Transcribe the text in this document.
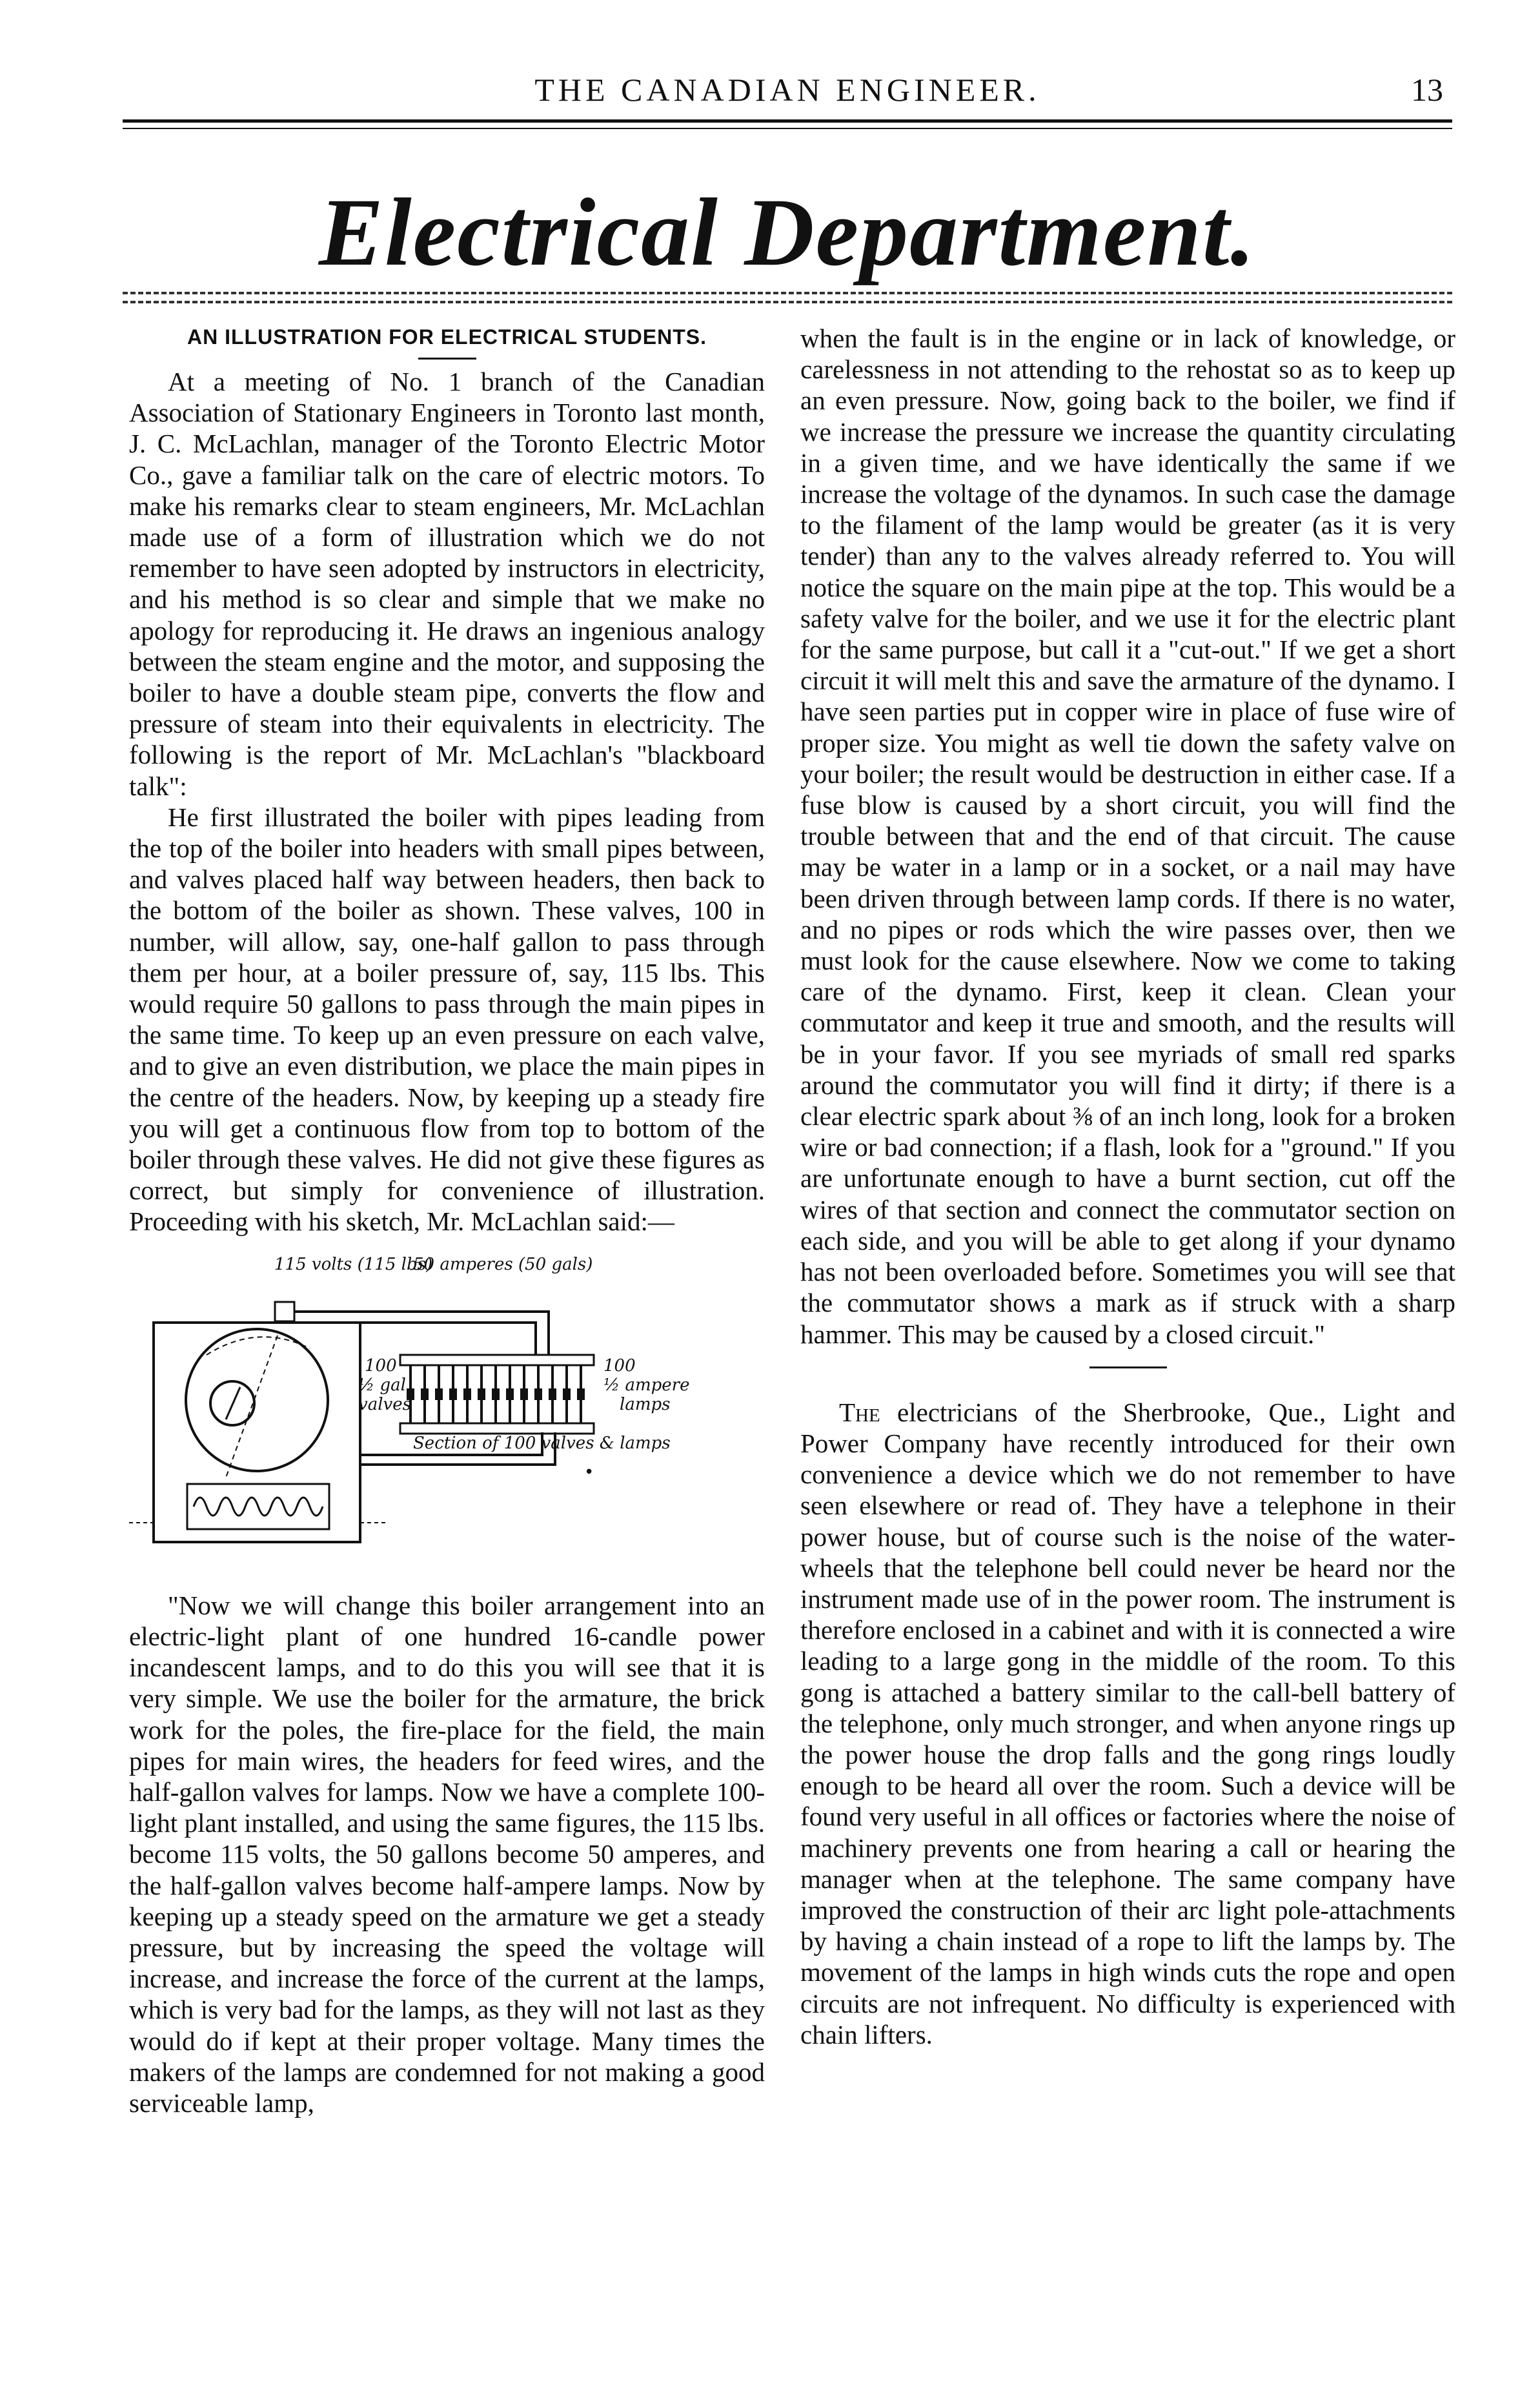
THE CANADIAN ENGINEER.	13
Electrical Department.
AN ILLUSTRATION FOR ELECTRICAL STUDENTS.

At a meeting of No. 1 branch of the Canadian Association of Stationary Engineers in Toronto last month, J. C. McLachlan, manager of the Toronto Electric Motor Co., gave a familiar talk on the care of electric motors. To make his remarks clear to steam engineers, Mr. McLachlan made use of a form of illustration which we do not remember to have seen adopted by instructors in electricity, and his method is so clear and simple that we make no apology for reproducing it. He draws an ingenious analogy between the steam engine and the motor, and supposing the boiler to have a double steam pipe, converts the flow and pressure of steam into their equivalents in electricity. The following is the report of Mr. McLachlan's "blackboard talk":

He first illustrated the boiler with pipes leading from the top of the boiler into headers with small pipes between, and valves placed half way between headers, then back to the bottom of the boiler as shown. These valves, 100 in number, will allow, say, one-half gallon to pass through them per hour, at a boiler pressure of, say, 115 lbs. This would require 50 gallons to pass through the main pipes in the same time. To keep up an even pressure on each valve, and to give an even distribution, we place the main pipes in the centre of the headers. Now, by keeping up a steady fire you will get a continuous flow from top to bottom of the boiler through these valves. He did not give these figures as correct, but simply for convenience of illustration. Proceeding with his sketch, Mr. McLachlan said:—

115 volts (115 lbs)
50 amperes (50 gals)
100
½ gal.
valves
100
½ ampere
lamps
Section of 100 valves & lamps
•

"Now we will change this boiler arrangement into an electric-light plant of one hundred 16-candle power incandescent lamps, and to do this you will see that it is very simple. We use the boiler for the armature, the brick work for the poles, the fire-place for the field, the main pipes for main wires, the headers for feed wires, and the half-gallon valves for lamps. Now we have a complete 100-light plant installed, and using the same figures, the 115 lbs. become 115 volts, the 50 gallons become 50 amperes, and the half-gallon valves become half-ampere lamps. Now by keeping up a steady speed on the armature we get a steady pressure, but by increasing the speed the voltage will increase, and increase the force of the current at the lamps, which is very bad for the lamps, as they will not last as they would do if kept at their proper voltage. Many times the makers of the lamps are condemned for not making a good serviceable lamp,

when the fault is in the engine or in lack of knowledge, or carelessness in not attending to the rehostat so as to keep up an even pressure. Now, going back to the boiler, we find if we increase the pressure we increase the quantity circulating in a given time, and we have identically the same if we increase the voltage of the dynamos. In such case the damage to the filament of the lamp would be greater (as it is very tender) than any to the valves already referred to. You will notice the square on the main pipe at the top. This would be a safety valve for the boiler, and we use it for the electric plant for the same purpose, but call it a "cut-out." If we get a short circuit it will melt this and save the armature of the dynamo. I have seen parties put in copper wire in place of fuse wire of proper size. You might as well tie down the safety valve on your boiler; the result would be destruction in either case. If a fuse blow is caused by a short circuit, you will find the trouble between that and the end of that circuit. The cause may be water in a lamp or in a socket, or a nail may have been driven through between lamp cords. If there is no water, and no pipes or rods which the wire passes over, then we must look for the cause elsewhere. Now we come to taking care of the dynamo. First, keep it clean. Clean your commutator and keep it true and smooth, and the results will be in your favor. If you see myriads of small red sparks around the commutator you will find it dirty; if there is a clear electric spark about ⅜ of an inch long, look for a broken wire or bad connection; if a flash, look for a "ground." If you are unfortunate enough to have a burnt section, cut off the wires of that section and connect the commutator section on each side, and you will be able to get along if your dynamo has not been overloaded before. Sometimes you will see that the commutator shows a mark as if struck with a sharp hammer. This may be caused by a closed circuit."

The electricians of the Sherbrooke, Que., Light and Power Company have recently introduced for their own convenience a device which we do not remember to have seen elsewhere or read of. They have a telephone in their power house, but of course such is the noise of the water-wheels that the telephone bell could never be heard nor the instrument made use of in the power room. The instrument is therefore enclosed in a cabinet and with it is connected a wire leading to a large gong in the middle of the room. To this gong is attached a battery similar to the call-bell battery of the telephone, only much stronger, and when anyone rings up the power house the drop falls and the gong rings loudly enough to be heard all over the room. Such a device will be found very useful in all offices or factories where the noise of machinery prevents one from hearing a call or hearing the manager when at the telephone. The same company have improved the construction of their arc light pole-attachments by having a chain instead of a rope to lift the lamps by. The movement of the lamps in high winds cuts the rope and open circuits are not infrequent. No difficulty is experienced with chain lifters.
